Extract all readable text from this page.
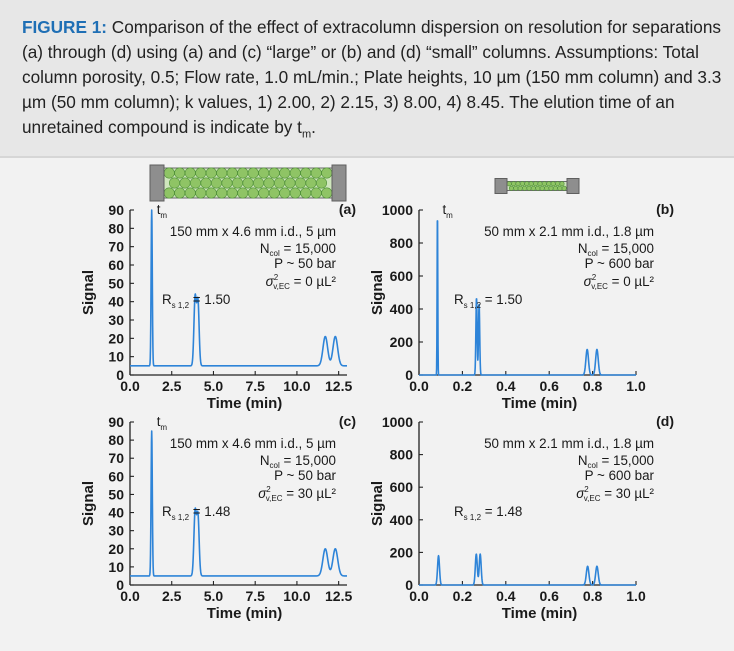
FIGURE 1: Comparison of the effect of extracolumn dispersion on resolution for separations (a) through (d) using (a) and (c) “large” or (b) and (d) “small” columns. Assumptions: Total column porosity, 0.5; Flow rate, 1.0 mL/min.; Plate heights, 10 µm (150 mm column) and 3.3 µm (50 mm column); k values, 1) 2.00, 2) 2.15, 3) 8.00, 4) 8.45. The elution time of an unretained compound is indicate by $t_m$.

0
10
20
30
40
50
60
70
80
90
0.0 2.5 5.0 7.5 10.0 12.5
Signal
Time (min)
(a)
$t_m$
150 mm x 4.6 mm i.d., 5 µm
$N_{col} = 15,000$
P ~ 50 bar
$\sigma^2$ v,EC = 0 µL²
$R_{s 1,2} = 1.50$
0
200
400
600
800
1000
0.0 0.2 0.4 0.6 0.8 1.0
Signal
Time (min)
(b)
$t_m$
50 mm x 2.1 mm i.d., 1.8 µm
$N_{col} = 15,000$
P ~ 600 bar
$\sigma^2$ v,EC = 0 µL²
$R_{s 1,2} = 1.50$
0
10
20
30
40
50
60
70
80
90
0.0 2.5 5.0 7.5 10.0 12.5
Signal
Time (min)
(c)
$t_m$
150 mm x 4.6 mm i.d., 5 µm
$N_{col} = 15,000$
P ~ 50 bar
$\sigma^2$ v,EC = 30 µL²
$R_{s 1,2} = 1.48$
0
200
400
600
800
1000
0.0 0.2 0.4 0.6 0.8 1.0
Signal
Time (min)
(d)
50 mm x 2.1 mm i.d., 1.8 µm
$N_{col} = 15,000$
P ~ 600 bar
$\sigma^2$ v,EC = 30 µL²
$R_{s 1,2} = 1.48$
